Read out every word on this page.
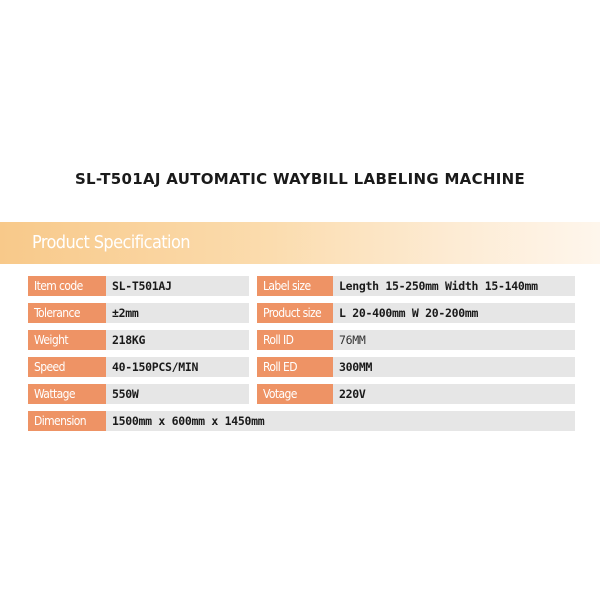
SL-T501AJ AUTOMATIC WAYBILL LABELING MACHINE
Product Specification
Item code	SL-T501AJ	Label size	Length 15-250mm Width 15-140mm
Tolerance	±2mm	Product size	L 20-400mm W 20-200mm
Weight	218KG	Roll ID	76MM
Speed	40-150PCS/MIN	Roll ED	300MM
Wattage	550W	Votage	220V
Dimension	1500mm x 600mm x 1450mm
